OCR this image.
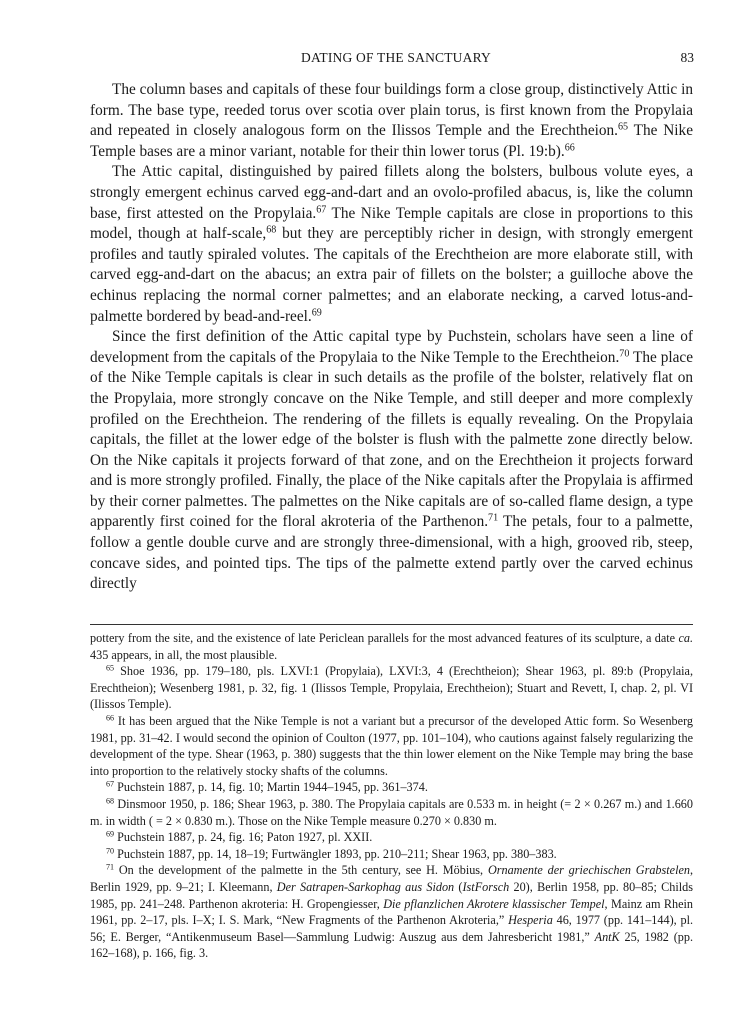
DATING OF THE SANCTUARY	83

The column bases and capitals of these four buildings form a close group, distinctively Attic in form. The base type, reeded torus over scotia over plain torus, is first known from the Propylaia and repeated in closely analogous form on the Ilissos Temple and the Erechtheion.$^{65}$ The Nike Temple bases are a minor variant, notable for their thin lower torus (Pl. 19:b).$^{66}$

The Attic capital, distinguished by paired fillets along the bolsters, bulbous volute eyes, a strongly emergent echinus carved egg-and-dart and an ovolo-profiled abacus, is, like the column base, first attested on the Propylaia.$^{67}$ The Nike Temple capitals are close in proportions to this model, though at half-scale,$^{68}$ but they are perceptibly richer in design, with strongly emergent profiles and tautly spiraled volutes. The capitals of the Erechtheion are more elaborate still, with carved egg-and-dart on the abacus; an extra pair of fillets on the bolster; a guilloche above the echinus replacing the normal corner palmettes; and an elaborate necking, a carved lotus-and-palmette bordered by bead-and-reel.$^{69}$

Since the first definition of the Attic capital type by Puchstein, scholars have seen a line of development from the capitals of the Propylaia to the Nike Temple to the Erechtheion.$^{70}$ The place of the Nike Temple capitals is clear in such details as the profile of the bolster, relatively flat on the Propylaia, more strongly concave on the Nike Temple, and still deeper and more complexly profiled on the Erechtheion. The rendering of the fillets is equally revealing. On the Propylaia capitals, the fillet at the lower edge of the bolster is flush with the palmette zone directly below. On the Nike capitals it projects forward of that zone, and on the Erechtheion it projects forward and is more strongly profiled. Finally, the place of the Nike capitals after the Propylaia is affirmed by their corner palmettes. The palmettes on the Nike capitals are of so-called flame design, a type apparently first coined for the floral akroteria of the Parthenon.$^{71}$ The petals, four to a palmette, follow a gentle double curve and are strongly three-dimensional, with a high, grooved rib, steep, concave sides, and pointed tips. The tips of the palmette extend partly over the carved echinus directly

pottery from the site, and the existence of late Periclean parallels for the most advanced features of its sculpture, a date ca. 435 appears, in all, the most plausible.

$^{65}$ Shoe 1936, pp. 179–180, pls. LXVI:1 (Propylaia), LXVI:3, 4 (Erechtheion); Shear 1963, pl. 89:b (Propylaia, Erechtheion); Wesenberg 1981, p. 32, fig. 1 (Ilissos Temple, Propylaia, Erechtheion); Stuart and Revett, I, chap. 2, pl. VI (Ilissos Temple).

$^{66}$ It has been argued that the Nike Temple is not a variant but a precursor of the developed Attic form. So Wesenberg 1981, pp. 31–42. I would second the opinion of Coulton (1977, pp. 101–104), who cautions against falsely regularizing the development of the type. Shear (1963, p. 380) suggests that the thin lower element on the Nike Temple may bring the base into proportion to the relatively stocky shafts of the columns.

$^{67}$ Puchstein 1887, p. 14, fig. 10; Martin 1944–1945, pp. 361–374.

$^{68}$ Dinsmoor 1950, p. 186; Shear 1963, p. 380. The Propylaia capitals are 0.533 m. in height (= 2 × 0.267 m.) and 1.660 m. in width ( = 2 × 0.830 m.). Those on the Nike Temple measure 0.270 × 0.830 m.

$^{69}$ Puchstein 1887, p. 24, fig. 16; Paton 1927, pl. XXII.

$^{70}$ Puchstein 1887, pp. 14, 18–19; Furtwängler 1893, pp. 210–211; Shear 1963, pp. 380–383.

$^{71}$ On the development of the palmette in the 5th century, see H. Möbius, Ornamente der griechischen Grabstelen, Berlin 1929, pp. 9–21; I. Kleemann, Der Satrapen-Sarkophag aus Sidon (IstForsch 20), Berlin 1958, pp. 80–85; Childs 1985, pp. 241–248. Parthenon akroteria: H. Gropengiesser, Die pflanzlichen Akrotere klassischer Tempel, Mainz am Rhein 1961, pp. 2–17, pls. I–X; I. S. Mark, “New Fragments of the Parthenon Akroteria,” Hesperia 46, 1977 (pp. 141–144), pl. 56; E. Berger, “Antikenmuseum Basel—Sammlung Ludwig: Auszug aus dem Jahresbericht 1981,” AntK 25, 1982 (pp. 162–168), p. 166, fig. 3.
